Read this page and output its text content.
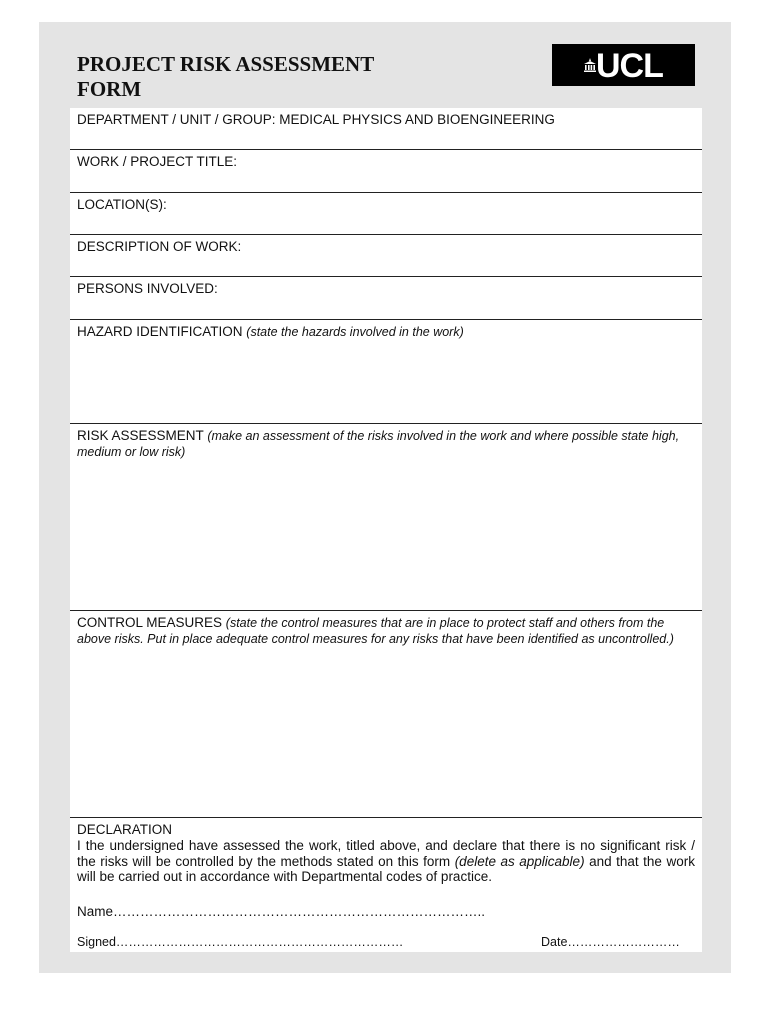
PROJECT RISK ASSESSMENT
FORM
UCL
DEPARTMENT / UNIT / GROUP: MEDICAL PHYSICS AND BIOENGINEERING
WORK / PROJECT TITLE:
LOCATION(S):
DESCRIPTION OF WORK:
PERSONS INVOLVED:
HAZARD IDENTIFICATION (state the hazards involved in the work)
RISK ASSESSMENT (make an assessment of the risks involved in the work and where possible state high, medium or low risk)
CONTROL MEASURES (state the control measures that are in place to protect staff and others from the above risks. Put in place adequate control measures for any risks that have been identified as uncontrolled.)
DECLARATION
I the undersigned have assessed the work, titled above, and declare that there is no significant risk / the risks will be controlled by the methods stated on this form (delete as applicable) and that the work will be carried out in accordance with Departmental codes of practice.
Name………………………………………………………………………..
Signed……………………………………………………………	Date………………………
